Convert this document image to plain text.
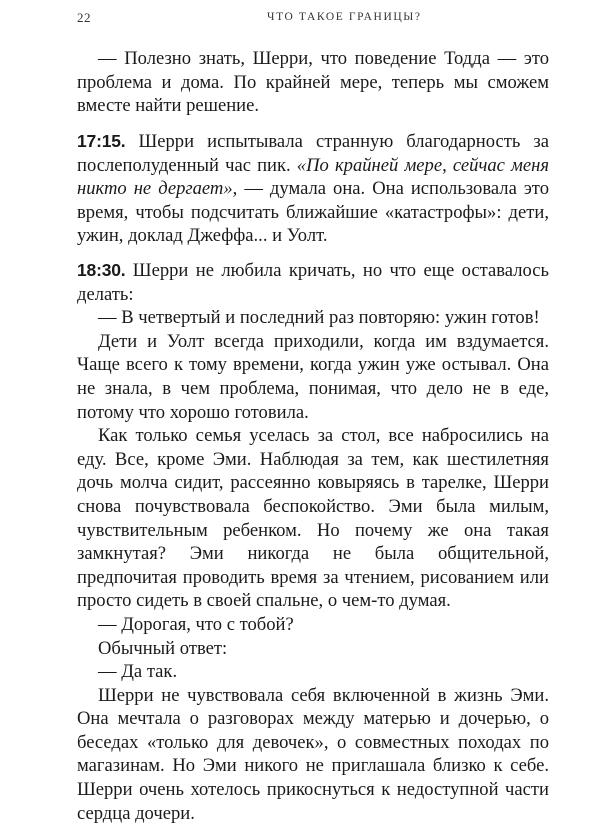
22	ЧТО ТАКОЕ ГРАНИЦЫ?

— Полезно знать, Шерри, что поведение Тодда — это проблема и дома. По крайней мере, теперь мы сможем вместе найти решение.

17:15. Шерри испытывала странную благодарность за послеполуденный час пик. «По крайней мере, сейчас меня никто не дергает», — думала она. Она использовала это время, чтобы подсчитать ближайшие «катастрофы»: дети, ужин, доклад Джеффа... и Уолт.

18:30. Шерри не любила кричать, но что еще оставалось делать:

— В четвертый и последний раз повторяю: ужин готов!

Дети и Уолт всегда приходили, когда им вздумается. Чаще всего к тому времени, когда ужин уже остывал. Она не знала, в чем проблема, понимая, что дело не в еде, потому что хорошо готовила.

Как только семья уселась за стол, все набросились на еду. Все, кроме Эми. Наблюдая за тем, как шестилетняя дочь молча сидит, рассеянно ковыряясь в тарелке, Шерри снова почувствовала беспокойство. Эми была милым, чувствительным ребенком. Но почему же она такая замкнутая? Эми никогда не была общительной, предпочитая проводить время за чтением, рисованием или просто сидеть в своей спальне, о чем-то думая.

— Дорогая, что с тобой?

Обычный ответ:

— Да так.

Шерри не чувствовала себя включенной в жизнь Эми. Она мечтала о разговорах между матерью и дочерью, о беседах «только для девочек», о совместных походах по магазинам. Но Эми никого не приглашала близко к себе. Шерри очень хотелось прикоснуться к недоступной части сердца дочери.
